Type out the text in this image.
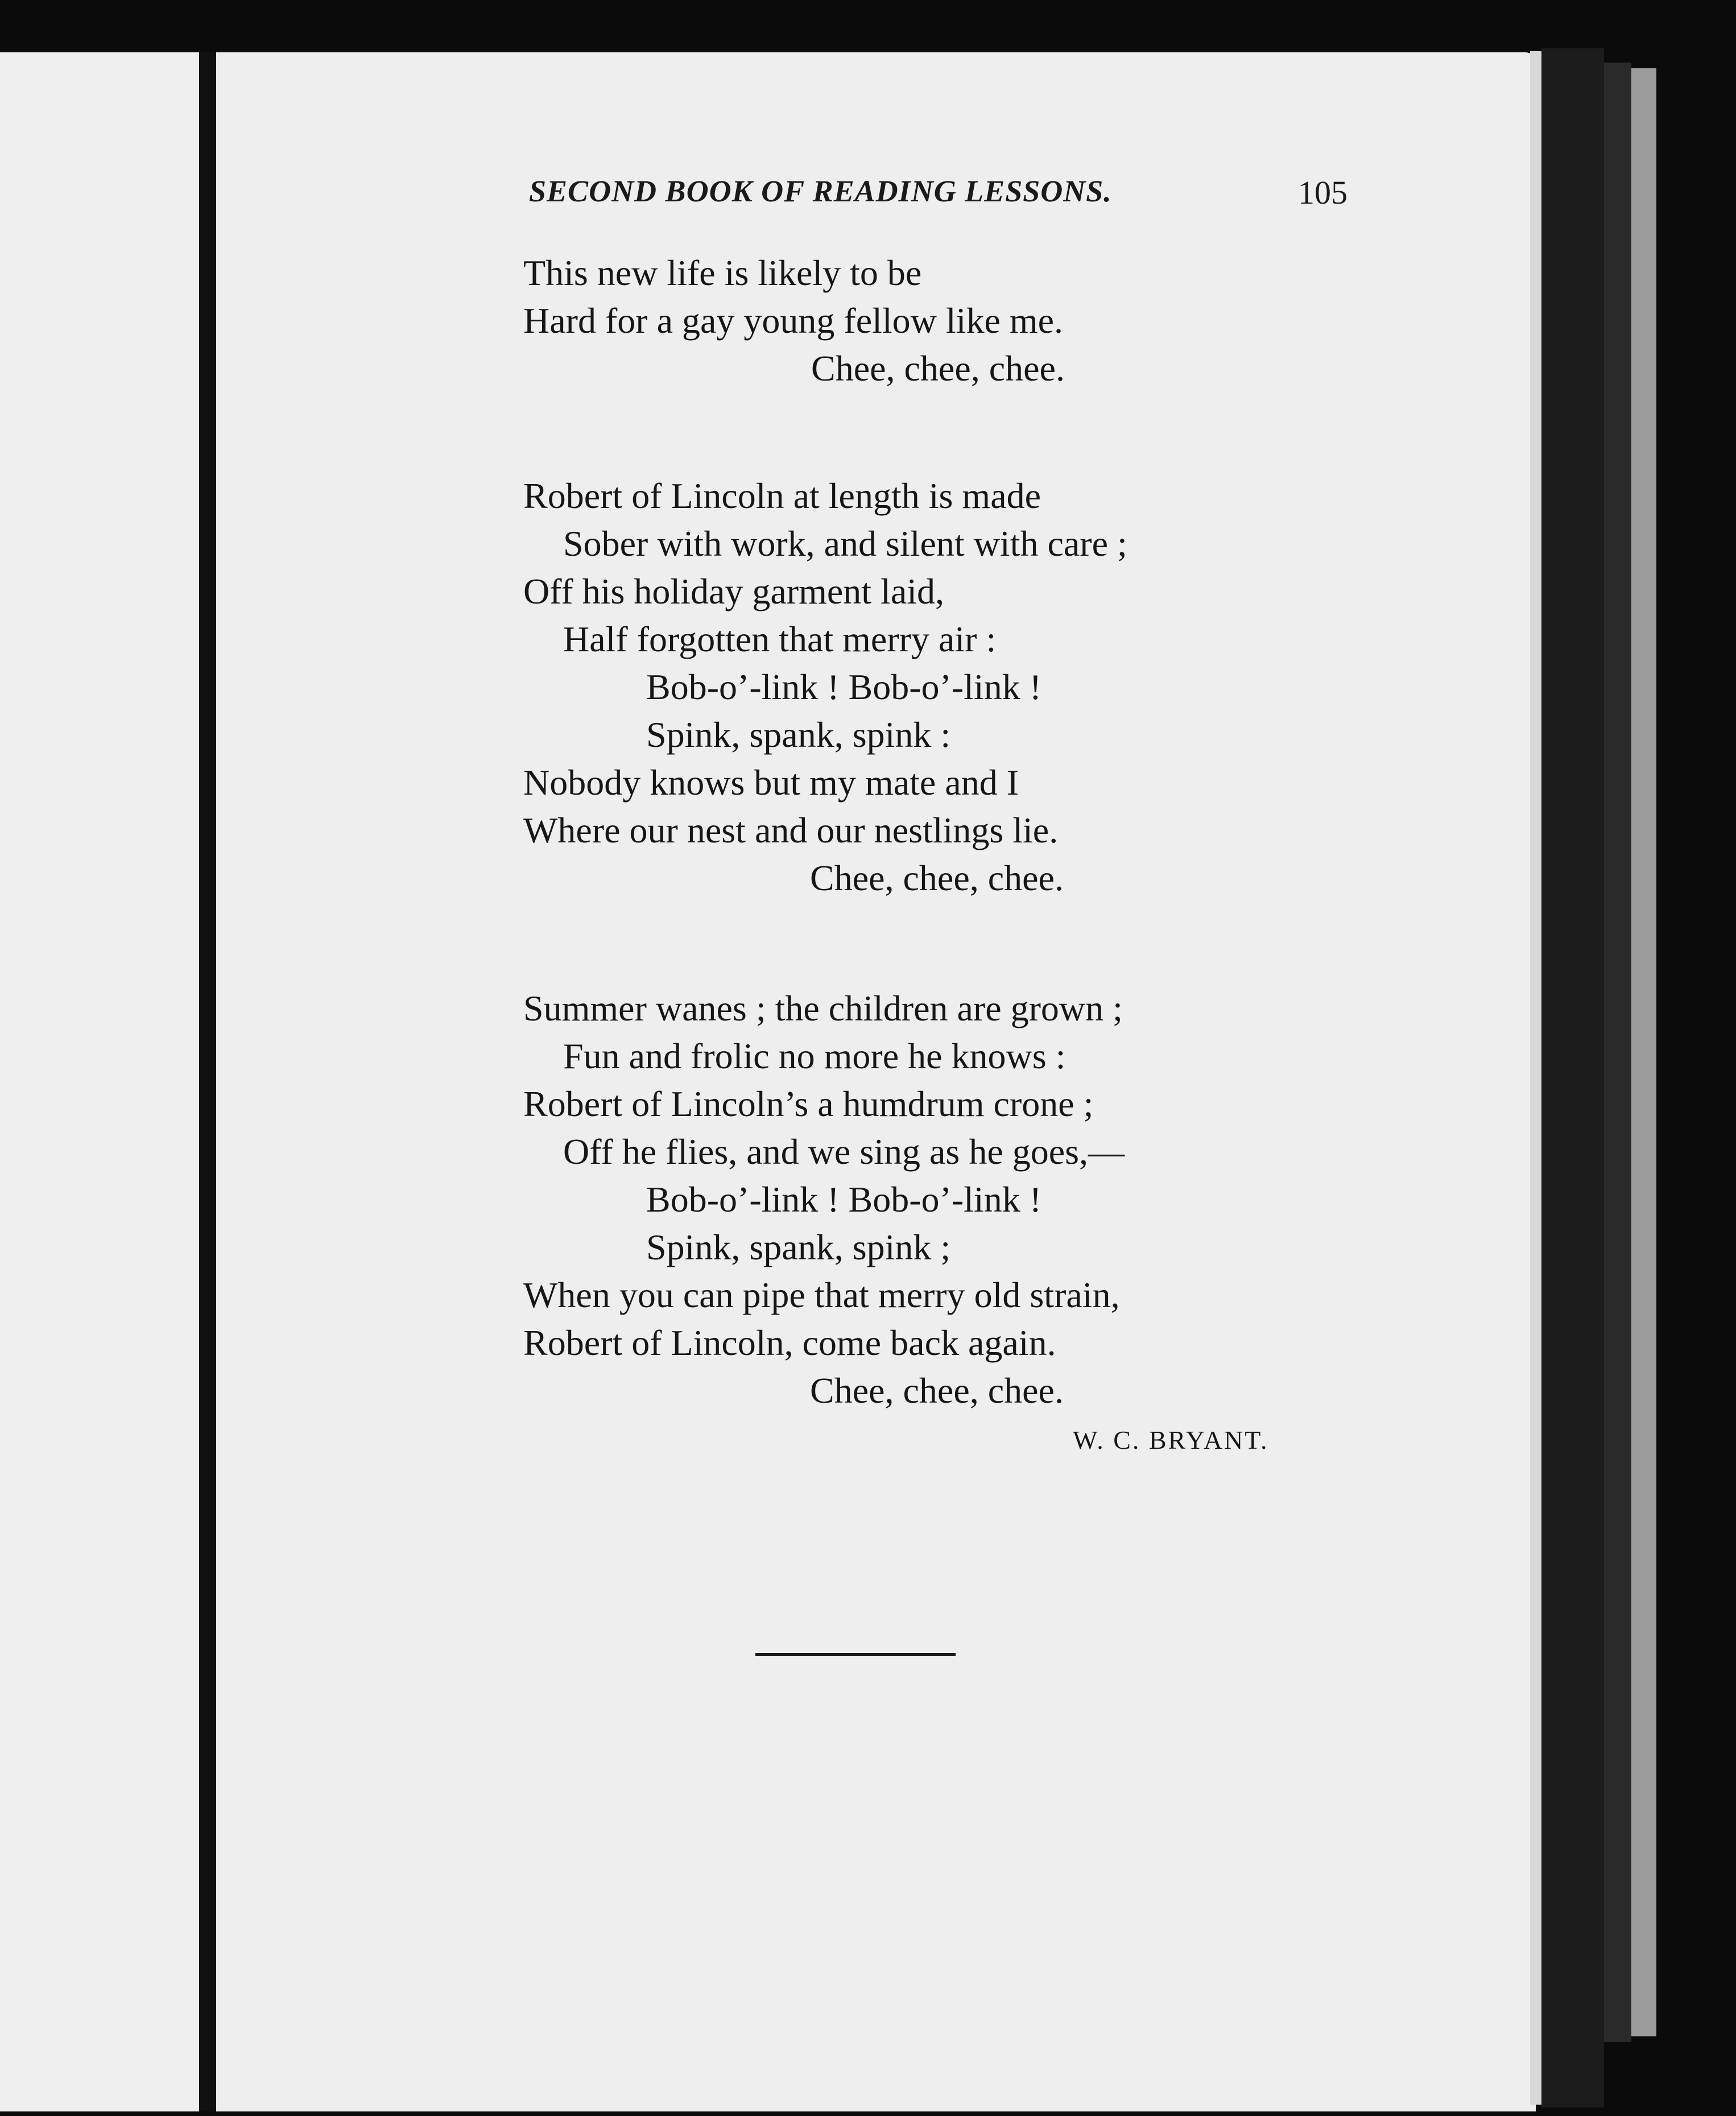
SECOND BOOK OF READING LESSONS.	105
This new life is likely to be
Hard for a gay young fellow like me.
Chee, chee, chee.
Robert of Lincoln at length is made
Sober with work, and silent with care ;
Off his holiday garment laid,
Half forgotten that merry air :
Bob-o’-link ! Bob-o’-link !
Spink, spank, spink :
Nobody knows but my mate and I
Where our nest and our nestlings lie.
Chee, chee, chee.
Summer wanes ; the children are grown ;
Fun and frolic no more he knows :
Robert of Lincoln’s a humdrum crone ;
Off he flies, and we sing as he goes,—
Bob-o’-link ! Bob-o’-link !
Spink, spank, spink ;
When you can pipe that merry old strain,
Robert of Lincoln, come back again.
Chee, chee, chee.
W. C. BRYANT.
